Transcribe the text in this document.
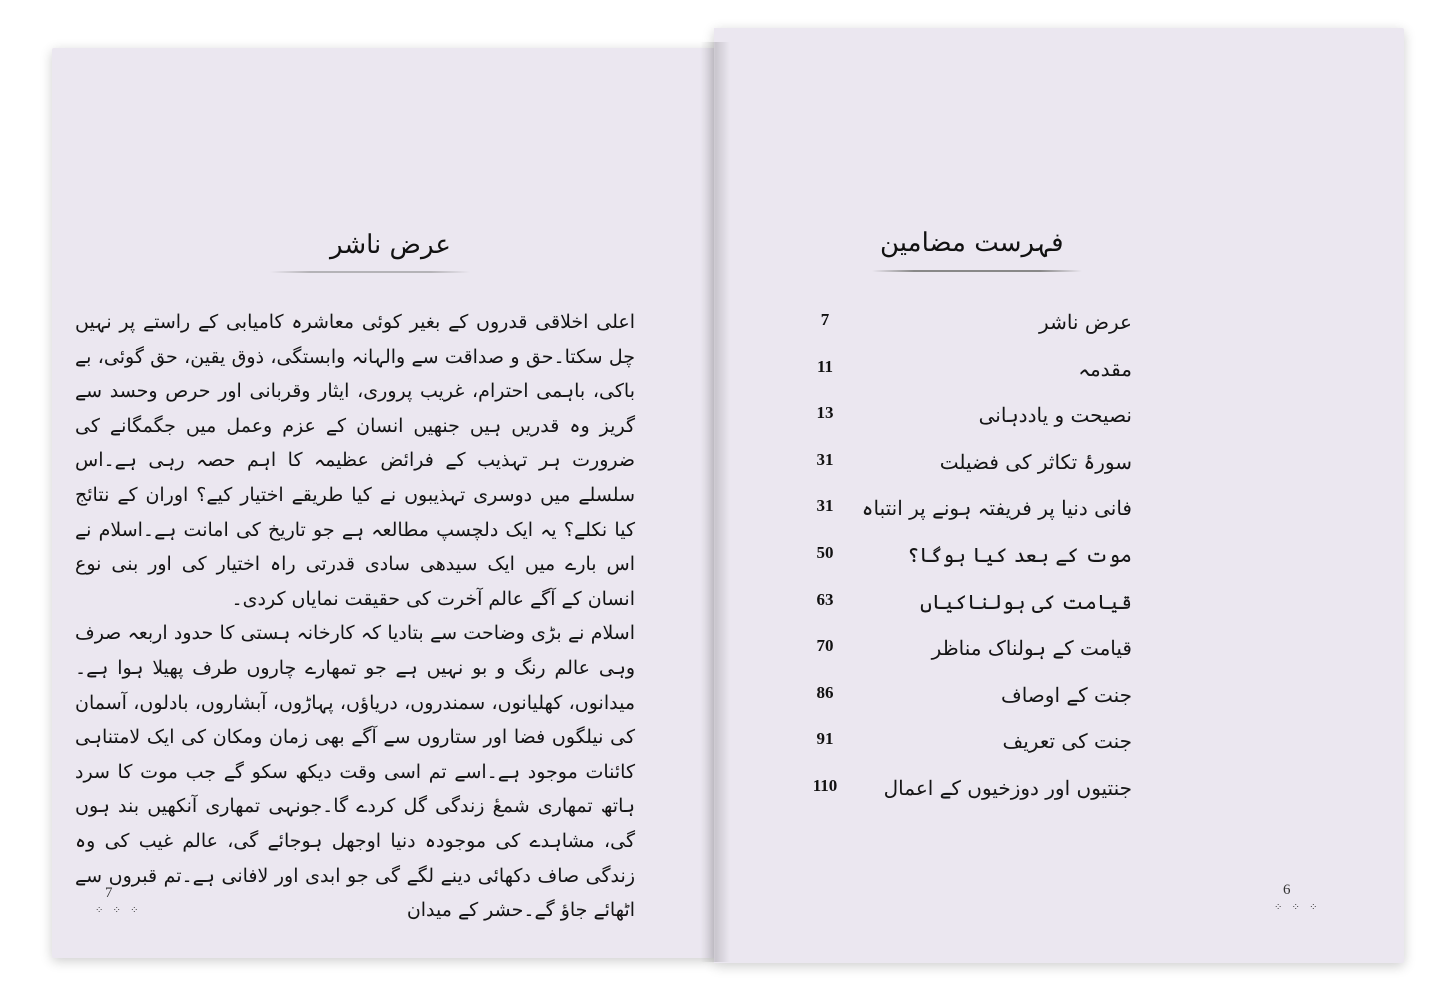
عرض ناشر

اعلی اخلاقی قدروں کے بغیر کوئی معاشرہ کامیابی کے راستے پر نہیں چل سکتا۔حق و صداقت سے والہانہ وابستگی، ذوق یقین، حق گوئی، بے باکی، باہمی احترام، غریب پروری، ایثار وقربانی اور حرص وحسد سے گریز وہ قدریں ہیں جنھیں انسان کے عزم وعمل میں جگمگانے کی ضرورت ہر تہذیب کے فرائض عظیمہ کا اہم حصہ رہی ہے۔اس سلسلے میں دوسری تہذیبوں نے کیا طریقے اختیار کیے؟ اوران کے نتائج کیا نکلے؟ یہ ایک دلچسپ مطالعہ ہے جو تاریخ کی امانت ہے۔اسلام نے اس بارے میں ایک سیدھی سادی قدرتی راہ اختیار کی اور بنی نوع انسان کے آگے عالم آخرت کی حقیقت نمایاں کردی۔

اسلام نے بڑی وضاحت سے بتادیا کہ کارخانہ ہستی کا حدود اربعہ صرف وہی عالم رنگ و بو نہیں ہے جو تمھارے چاروں طرف پھیلا ہوا ہے۔میدانوں، کھلیانوں، سمندروں، دریاؤں، پہاڑوں، آبشاروں، بادلوں، آسمان کی نیلگوں فضا اور ستاروں سے آگے بھی زمان ومکان کی ایک لامتناہی کائنات موجود ہے۔اسے تم اسی وقت دیکھ سکو گے جب موت کا سرد ہاتھ تمھاری شمعٔ زندگی گل کردے گا۔جونہی تمھاری آنکھیں بند ہوں گی، مشاہدے کی موجودہ دنیا اوجھل ہوجائے گی، عالم غیب کی وہ زندگی صاف دکھائی دینے لگے گی جو ابدی اور لافانی ہے۔تم قبروں سے اٹھائے جاؤ گے۔حشر کے میدان

7
⁘ ⁘ ⁘
فہرست مضامین
عرض ناشر
7
مقدمہ
11
نصیحت و یاددہانی
13
سورۂ تکاثر کی فضیلت
31
فانی دنیا پر فریفتہ ہونے پر انتباہ
31
موت کے بعد کیا ہوگا؟
50
قیامت کی ہولناکیاں
63
قیامت کے ہولناک مناظر
70
جنت کے اوصاف
86
جنت کی تعریف
91
جنتیوں اور دوزخیوں کے اعمال
110
6
⁘ ⁘ ⁘
